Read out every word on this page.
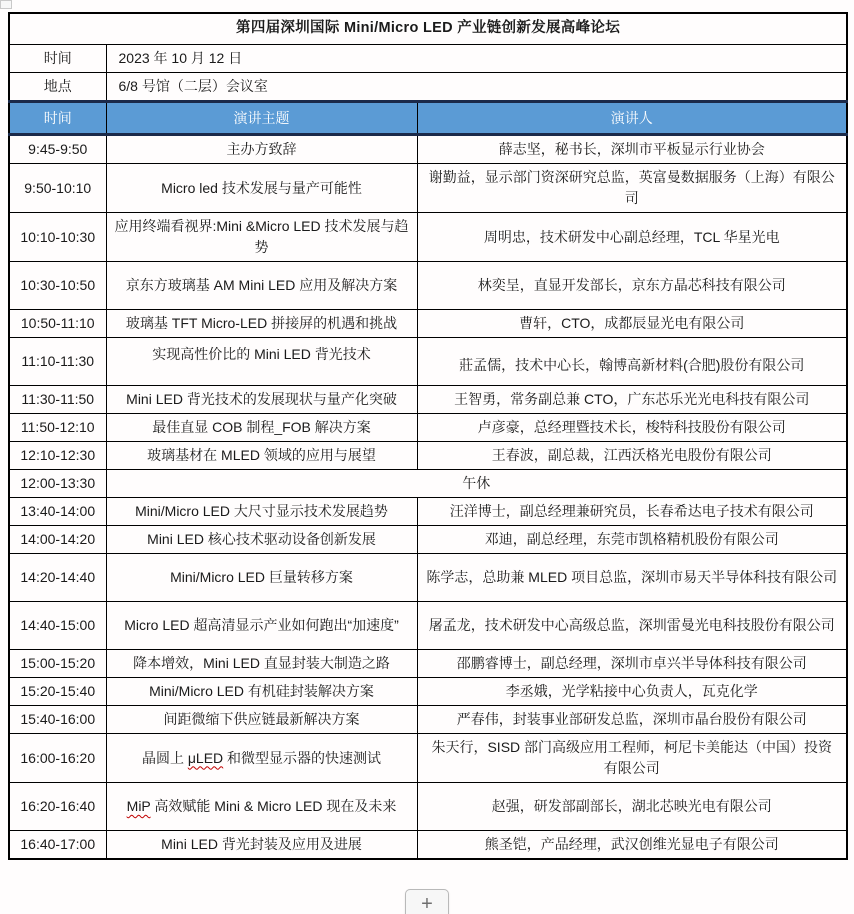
第四届深圳国际 Mini/Micro LED 产业链创新发展高峰论坛		
时间	2023 年 10 月 12 日	
地点	6/8 号馆（二层）会议室	
时间	演讲主题	演讲人
9:45-9:50	主办方致辞	薛志坚，秘书长，深圳市平板显示行业协会
9:50-10:10	Micro led 技术发展与量产可能性	谢勤益，显示部门资深研究总监，英富曼数据服务（上海）有限公司
10:10-10:30	应用终端看视界:Mini &Micro LED 技术发展与趋势	周明忠，技术研发中心副总经理，TCL 华星光电
10:30-10:50	京东方玻璃基 AM Mini LED 应用及解决方案	林奕呈，直显开发部长，京东方晶芯科技有限公司
10:50-11:10	玻璃基 TFT Micro-LED 拼接屏的机遇和挑战	曹轩，CTO，成都辰显光电有限公司
11:10-11:30	实现高性价比的 Mini LED 背光技术	莊孟儒，技术中心长，翰博高新材料(合肥)股份有限公司
11:30-11:50	Mini LED 背光技术的发展现状与量产化突破	王智勇，常务副总兼 CTO，广东芯乐光光电科技有限公司
11:50-12:10	最佳直显 COB 制程_FOB 解决方案	卢彦豪，总经理暨技术长，梭特科技股份有限公司
12:10-12:30	玻璃基材在 MLED 领域的应用与展望	王春波，副总裁，江西沃格光电股份有限公司
12:00-13:30	午休	
13:40-14:00	Mini/Micro LED 大尺寸显示技术发展趋势	汪洋博士，副总经理兼研究员，长春希达电子技术有限公司
14:00-14:20	Mini LED 核心技术驱动设备创新发展	邓迪，副总经理，东莞市凯格精机股份有限公司
14:20-14:40	Mini/Micro LED 巨量转移方案	陈学志，总助兼 MLED 项目总监，深圳市易天半导体科技有限公司
14:40-15:00	Micro LED 超高清显示产业如何跑出“加速度”	屠孟龙，技术研发中心高级总监，深圳雷曼光电科技股份有限公司
15:00-15:20	降本增效，Mini LED 直显封装大制造之路	邵鹏睿博士，副总经理，深圳市卓兴半导体科技有限公司
15:20-15:40	Mini/Micro LED 有机硅封装解决方案	李丞娥，光学粘接中心负责人，瓦克化学
15:40-16:00	间距微缩下供应链最新解决方案	严春伟，封装事业部研发总监，深圳市晶台股份有限公司
16:00-16:20	晶圆上 μLED 和微型显示器的快速测试	朱天行，SISD 部门高级应用工程师，柯尼卡美能达（中国）投资有限公司
16:20-16:40	MiP 高效赋能 Mini & Micro LED 现在及未来	赵强，研发部副部长，湖北芯映光电有限公司
16:40-17:00	Mini LED 背光封装及应用及进展	熊圣铠，产品经理，武汉创维光显电子有限公司
+
